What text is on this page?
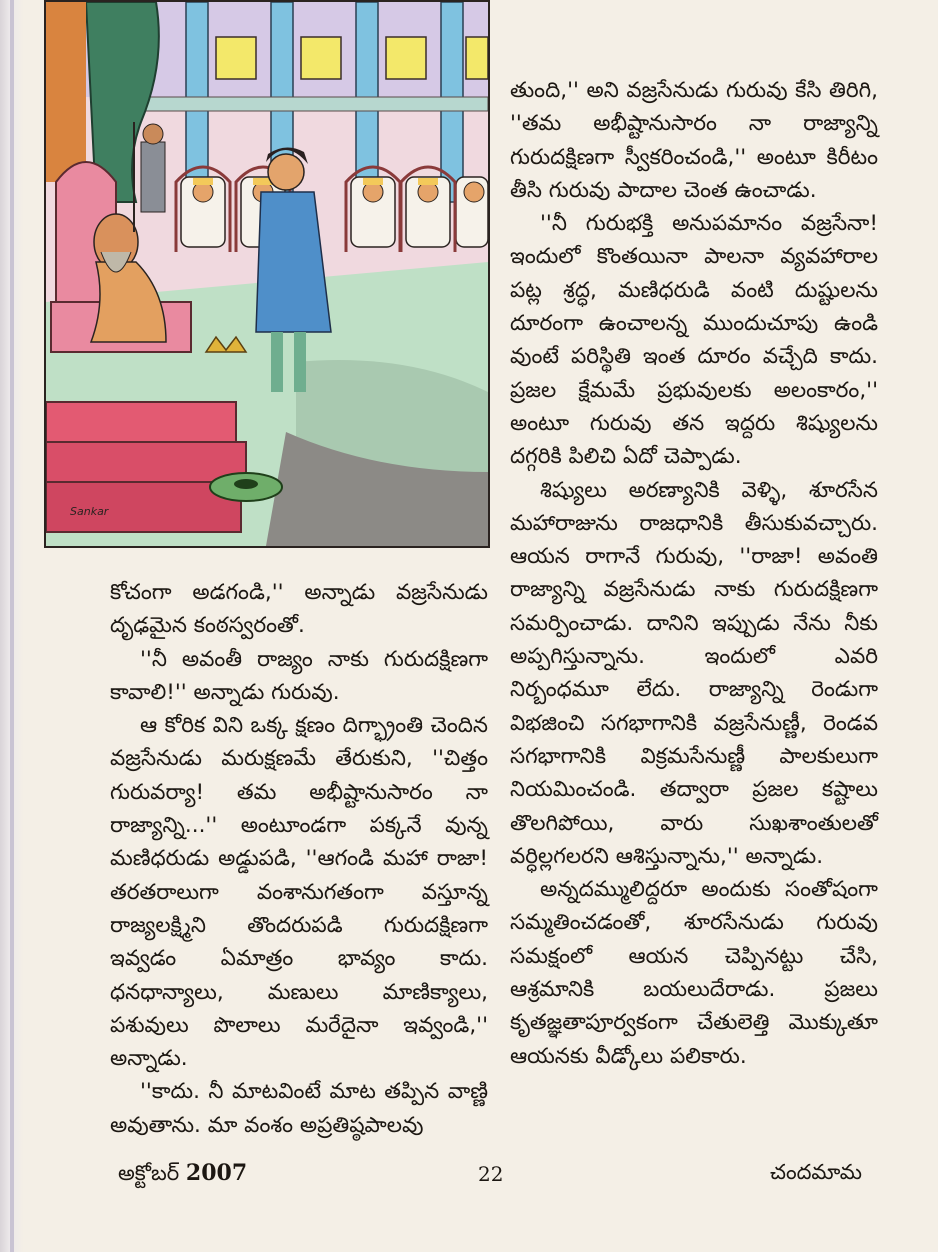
Sankar

కోచంగా అడగండి,'' అన్నాడు వజ్రసేనుడు దృఢమైన కంఠస్వరంతో.

''నీ అవంతీ రాజ్యం నాకు గురుదక్షిణగా కావాలి!'' అన్నాడు గురువు.

ఆ కోరిక విని ఒక్క క్షణం దిగ్భ్రాంతి చెందిన వజ్రసేనుడు మరుక్షణమే తేరుకుని, ''చిత్తం గురువర్యా! తమ అభీష్టానుసారం నా రాజ్యాన్ని...'' అంటూండగా పక్కనే వున్న మణిధరుడు అడ్డుపడి, ''ఆగండి మహా రాజా! తరతరాలుగా వంశానుగతంగా వస్తూన్న రాజ్యలక్ష్మిని తొందరుపడి గురుదక్షిణగా ఇవ్వడం ఏమాత్రం భావ్యం కాదు. ధనధాన్యాలు, మణులు మాణిక్యాలు, పశువులు పొలాలు మరేదైనా ఇవ్వండి,'' అన్నాడు.

''కాదు. నీ మాటవింటే మాట తప్పిన వాణ్ణి అవుతాను. మా వంశం అప్రతిష్ఠపాలవు

తుంది,'' అని వజ్రసేనుడు గురువు కేసి తిరిగి, ''తమ అభీష్టానుసారం నా రాజ్యాన్ని గురుదక్షిణగా స్వీకరించండి,'' అంటూ కిరీటం తీసి గురువు పాదాల చెంత ఉంచాడు.

''నీ గురుభక్తి అనుపమానం వజ్రసేనా! ఇందులో కొంతయినా పాలనా వ్యవహారాల పట్ల శ్రద్ధ, మణిధరుడి వంటి దుష్టులను దూరంగా ఉంచాలన్న ముందుచూపు ఉండి వుంటే పరిస్థితి ఇంత దూరం వచ్చేది కాదు. ప్రజల క్షేమమే ప్రభువులకు అలంకారం,'' అంటూ గురువు తన ఇద్దరు శిష్యులను దగ్గరికి పిలిచి ఏదో చెప్పాడు.

శిష్యులు అరణ్యానికి వెళ్ళి, శూరసేన మహారాజును రాజధానికి తీసుకువచ్చారు. ఆయన రాగానే గురువు, ''రాజా! అవంతి రాజ్యాన్ని వజ్రసేనుడు నాకు గురుదక్షిణగా సమర్పించాడు. దానిని ఇప్పుడు నేను నీకు అప్పగిస్తున్నాను. ఇందులో ఎవరి నిర్బంధమూ లేదు. రాజ్యాన్ని రెండుగా విభజించి సగభాగానికి వజ్రసేనుణ్ణీ, రెండవ సగభాగానికి విక్రమసేనుణ్ణీ పాలకులుగా నియమించండి. తద్వారా ప్రజల కష్టాలు తొలగిపోయి, వారు సుఖశాంతులతో వర్ధిల్లగలరని ఆశిస్తున్నాను,'' అన్నాడు.

అన్నదమ్ములిద్దరూ అందుకు సంతోషంగా సమ్మతించడంతో, శూరసేనుడు గురువు సమక్షంలో ఆయన చెప్పినట్టు చేసి, ఆశ్రమానికి బయలుదేరాడు. ప్రజలు కృతజ్ఞతాపూర్వకంగా చేతులెత్తి మొక్కుతూ ఆయనకు వీడ్కోలు పలికారు.

అక్టోబర్ 2007	22	చందమామ
